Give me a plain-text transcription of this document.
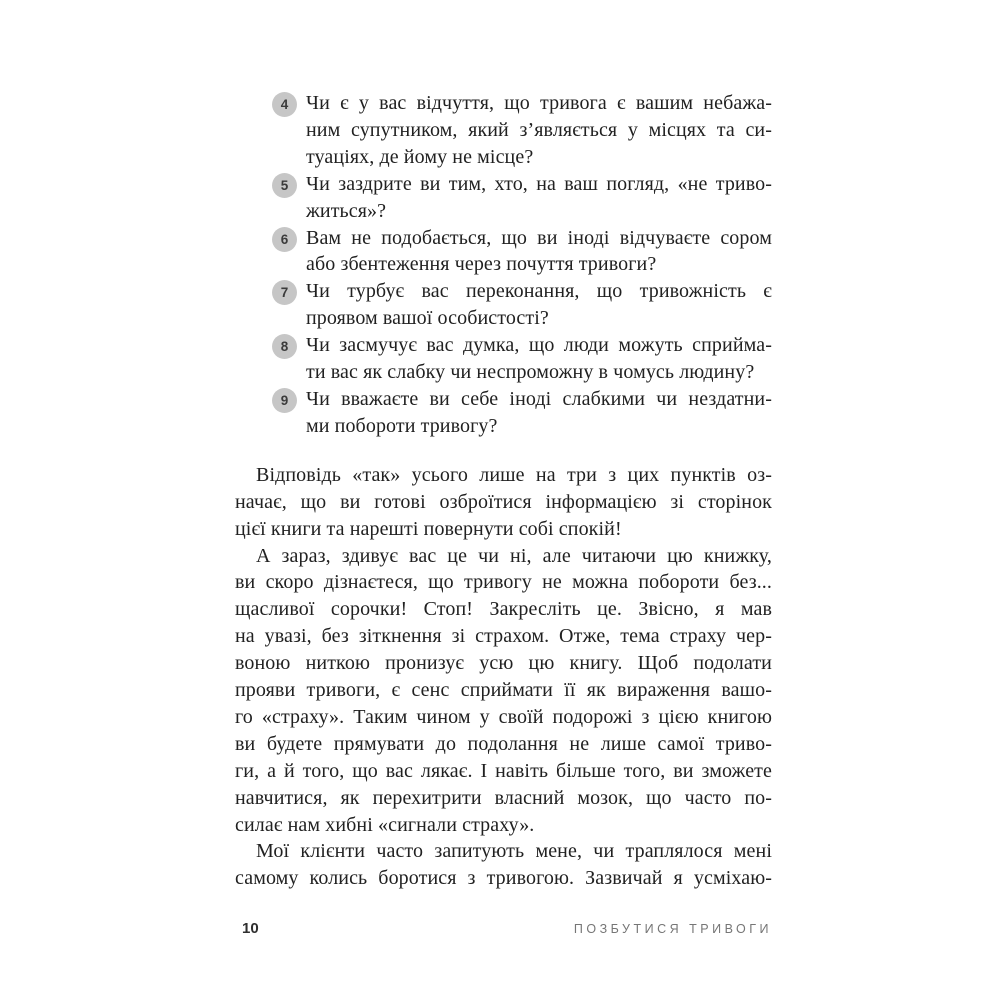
4 Чи є у вас відчуття, що тривога є вашим небажа-
ним супутником, який з’являється у місцях та си-
туаціях, де йому не місце?
5 Чи заздрите ви тим, хто, на ваш погляд, «не триво-
житься»?
6 Вам не подобається, що ви іноді відчуваєте сором
або збентеження через почуття тривоги?
7 Чи турбує вас переконання, що тривожність є
проявом вашої особистості?
8 Чи засмучує вас думка, що люди можуть сприйма-
ти вас як слабку чи неспроможну в чомусь людину?
9 Чи вважаєте ви себе іноді слабкими чи нездатни-
ми побороти тривогу?
Відповідь «так» усього лише на три з цих пунктів оз-
начає, що ви готові озброїтися інформацією зі сторінок
цієї книги та нарешті повернути собі спокій!
А зараз, здивує вас це чи ні, але читаючи цю книжку,
ви скоро дізнаєтеся, що тривогу не можна побороти без...
щасливої сорочки! Стоп! Закресліть це. Звісно, я мав
на увазі, без зіткнення зі страхом. Отже, тема страху чер-
воною ниткою пронизує усю цю книгу. Щоб подолати
прояви тривоги, є сенс сприймати її як вираження вашо-
го «страху». Таким чином у своїй подорожі з цією книгою
ви будете прямувати до подолання не лише самої триво-
ги, а й того, що вас лякає. І навіть більше того, ви зможете
навчитися, як перехитрити власний мозок, що часто по-
силає нам хибні «сигнали страху».
Мої клієнти часто запитують мене, чи траплялося мені
самому колись боротися з тривогою. Зазвичай я усміхаю-
10	ПОЗБУТИСЯ ТРИВОГИ
